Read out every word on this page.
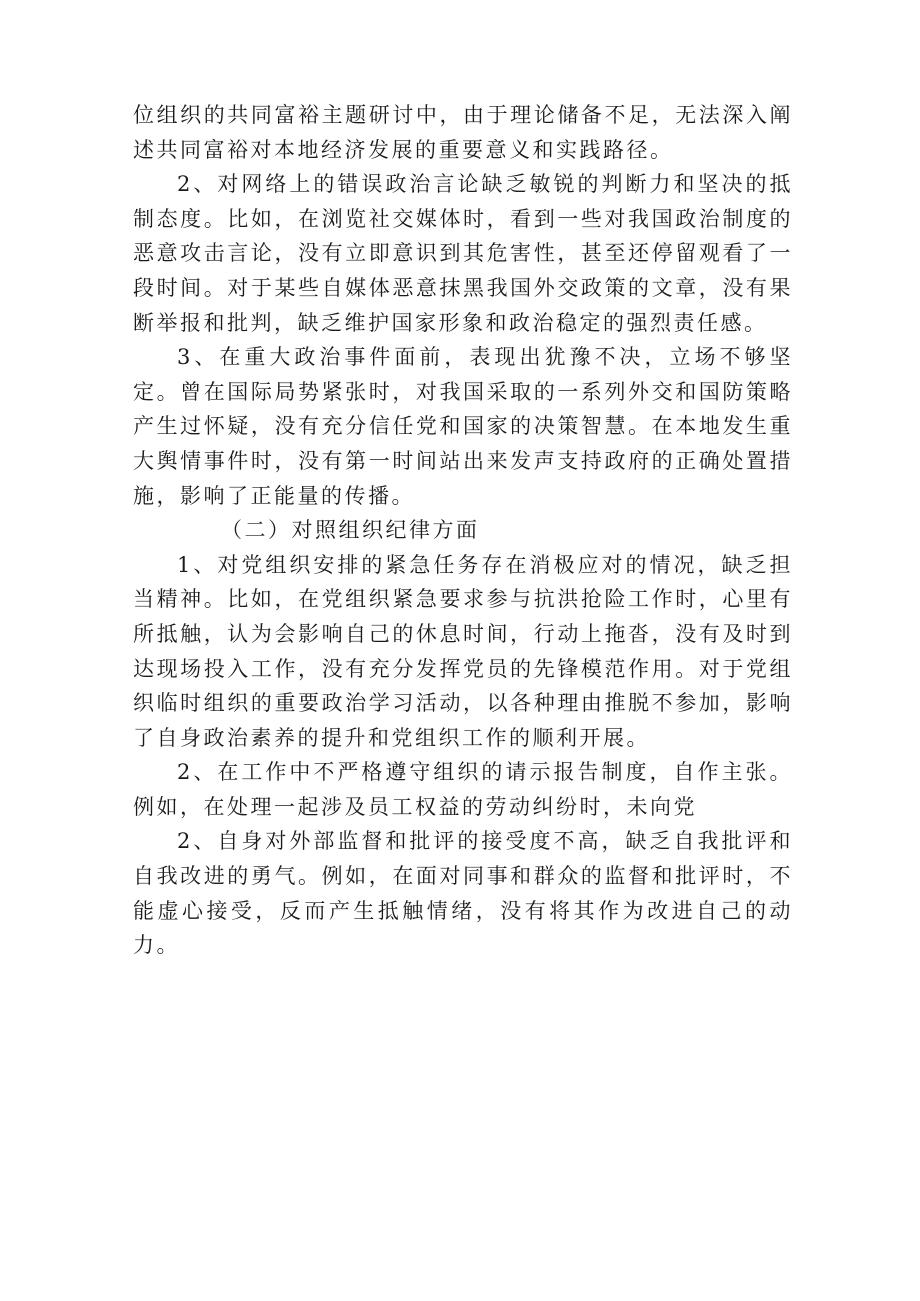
位组织的共同富裕主题研讨中，由于理论储备不足，无法深入阐述共同富裕对本地经济发展的重要意义和实践路径。

2、对网络上的错误政治言论缺乏敏锐的判断力和坚决的抵制态度。比如，在浏览社交媒体时，看到一些对我国政治制度的恶意攻击言论，没有立即意识到其危害性，甚至还停留观看了一段时间。对于某些自媒体恶意抹黑我国外交政策的文章，没有果断举报和批判，缺乏维护国家形象和政治稳定的强烈责任感。

3、在重大政治事件面前，表现出犹豫不决，立场不够坚定。曾在国际局势紧张时，对我国采取的一系列外交和国防策略产生过怀疑，没有充分信任党和国家的决策智慧。在本地发生重大舆情事件时，没有第一时间站出来发声支持政府的正确处置措施，影响了正能量的传播。

（二）对照组织纪律方面

1、对党组织安排的紧急任务存在消极应对的情况，缺乏担当精神。比如，在党组织紧急要求参与抗洪抢险工作时，心里有所抵触，认为会影响自己的休息时间，行动上拖沓，没有及时到达现场投入工作，没有充分发挥党员的先锋模范作用。对于党组织临时组织的重要政治学习活动，以各种理由推脱不参加，影响了自身政治素养的提升和党组织工作的顺利开展。

2、在工作中不严格遵守组织的请示报告制度，自作主张。例如，在处理一起涉及员工权益的劳动纠纷时，未向党

2、自身对外部监督和批评的接受度不高，缺乏自我批评和自我改进的勇气。例如，在面对同事和群众的监督和批评时，不能虚心接受，反而产生抵触情绪，没有将其作为改进自己的动力。
